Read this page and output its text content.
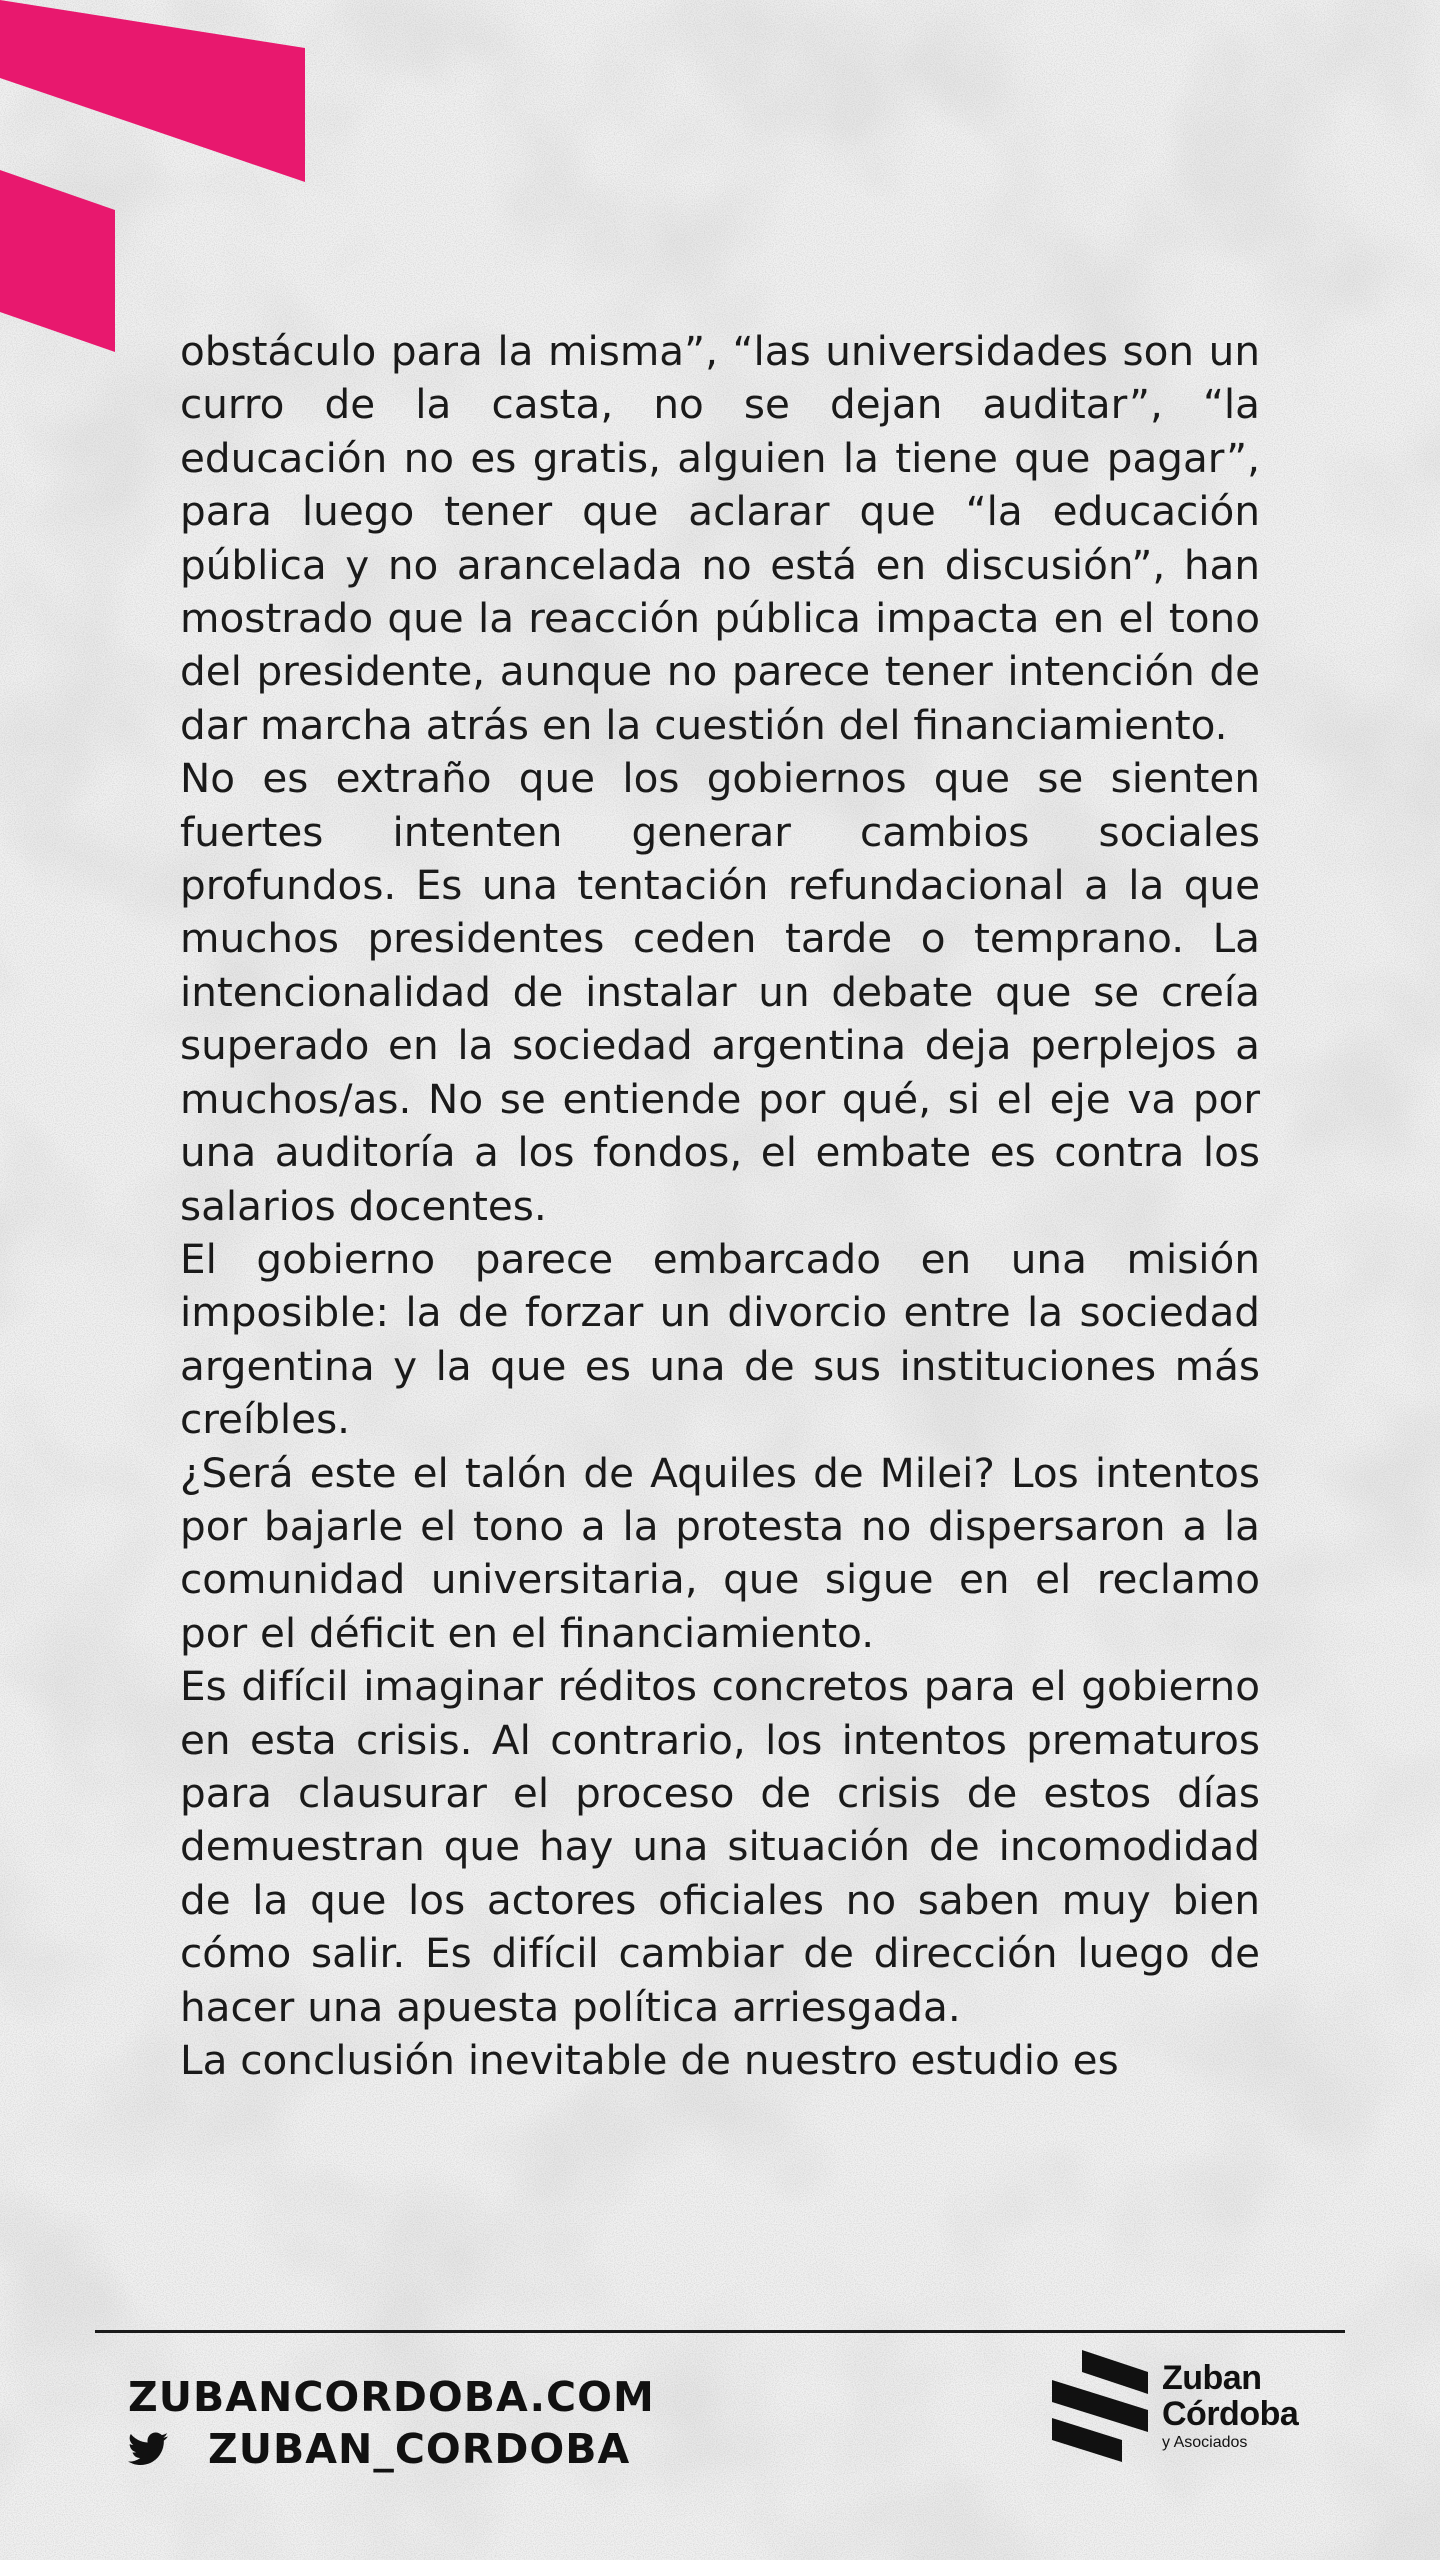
obstáculo para la misma”, “las universidades son un curro de la casta, no se dejan auditar”, “la educación no es gratis, alguien la tiene que pagar”, para luego tener que aclarar que “la educación pública y no arancelada no está en discusión”, han mostrado que la reacción pública impacta en el tono del presidente, aunque no parece tener intención de dar marcha atrás en la cuestión del financiamiento.

No es extraño que los gobiernos que se sienten fuertes intenten generar cambios sociales profundos. Es una tentación refundacional a la que muchos presidentes ceden tarde o temprano. La intencionalidad de instalar un debate que se creía superado en la sociedad argentina deja perplejos a muchos/as. No se entiende por qué, si el eje va por una auditoría a los fondos, el embate es contra los salarios docentes.

El gobierno parece embarcado en una misión imposible: la de forzar un divorcio entre la sociedad argentina y la que es una de sus instituciones más creíbles.

¿Será este el talón de Aquiles de Milei? Los intentos por bajarle el tono a la protesta no dispersaron a la comunidad universitaria, que sigue en el reclamo por el déficit en el financiamiento.

Es difícil imaginar réditos concretos para el gobierno en esta crisis. Al contrario, los intentos prematuros para clausurar el proceso de crisis de estos días demuestran que hay una situación de incomodidad de la que los actores oficiales no saben muy bien cómo salir. Es difícil cambiar de dirección luego de hacer una apuesta política arriesgada.

La conclusión inevitable de nuestro estudio es

ZUBANCORDOBA.COM
ZUBAN_CORDOBA
Zuban
Córdoba
y Asociados
